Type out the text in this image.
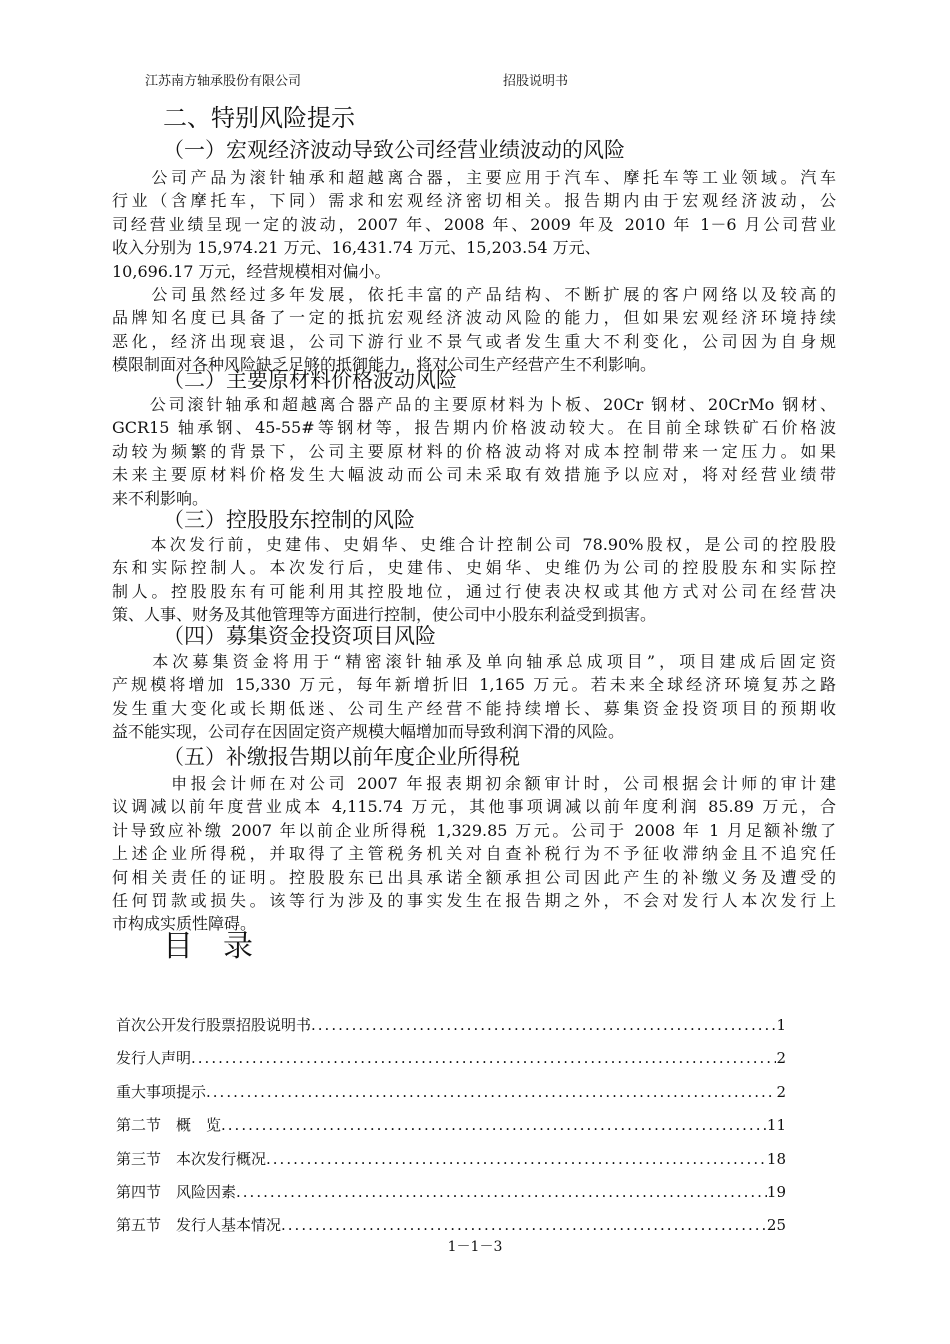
江苏南方轴承股份有限公司	招股说明书
二、特别风险提示
（一）宏观经济波动导致公司经营业绩波动的风险
　　公司产品为滚针轴承和超越离合器，主要应用于汽车、摩托车等工业领域。汽车
行业（含摩托车，下同）需求和宏观经济密切相关。报告期内由于宏观经济波动，公
司经营业绩呈现一定的波动，2007 年、2008 年、2009 年及 2010 年 1－6 月公司营业
收入分别为 15,974.21 万元、16,431.74 万元、15,203.54 万元、
10,696.17 万元，经营规模相对偏小。
　　公司虽然经过多年发展，依托丰富的产品结构、不断扩展的客户网络以及较高的
品牌知名度已具备了一定的抵抗宏观经济波动风险的能力，但如果宏观经济环境持续
恶化，经济出现衰退，公司下游行业不景气或者发生重大不利变化，公司因为自身规
模限制面对各种风险缺乏足够的抵御能力，将对公司生产经营产生不利影响。
（二）主要原材料价格波动风险
　　公司滚针轴承和超越离合器产品的主要原材料为卜板、20Cr 钢材、20CrMo 钢材、
GCR15 轴承钢、45-55#等钢材等，报告期内价格波动较大。在目前全球铁矿石价格波
动较为频繁的背景下，公司主要原材料的价格波动将对成本控制带来一定压力。如果
未来主要原材料价格发生大幅波动而公司未采取有效措施予以应对，将对经营业绩带
来不利影响。
（三）控股股东控制的风险
　　本次发行前，史建伟、史娟华、史维合计控制公司 78.90%股权，是公司的控股股
东和实际控制人。本次发行后，史建伟、史娟华、史维仍为公司的控股股东和实际控
制人。控股股东有可能利用其控股地位，通过行使表决权或其他方式对公司在经营决
策、人事、财务及其他管理等方面进行控制，使公司中小股东利益受到损害。
（四）募集资金投资项目风险
　　本次募集资金将用于“精密滚针轴承及单向轴承总成项目”，项目建成后固定资
产规模将增加 15,330 万元，每年新增折旧 1,165 万元。若未来全球经济环境复苏之路
发生重大变化或长期低迷、公司生产经营不能持续增长、募集资金投资项目的预期收
益不能实现，公司存在因固定资产规模大幅增加而导致利润下滑的风险。
（五）补缴报告期以前年度企业所得税
　　　申报会计师在对公司 2007 年报表期初余额审计时，公司根据会计师的审计建
议调减以前年度营业成本 4,115.74 万元，其他事项调减以前年度利润 85.89 万元，合
计导致应补缴 2007 年以前企业所得税 1,329.85 万元。公司于 2008 年 1 月足额补缴了
上述企业所得税，并取得了主管税务机关对自查补税行为不予征收滞纳金且不追究任
何相关责任的证明。控股股东已出具承诺全额承担公司因此产生的补缴义务及遭受的
任何罚款或损失。该等行为涉及的事实发生在报告期之外，不会对发行人本次发行上
市构成实质性障碍。
目　录
首次公开发行股票招股说明书 .....	1
发行人声明 .....	2
重大事项提示 .....	2
第二节　概　览 .....	11
第三节　本次发行概况 .....	18
第四节　风险因素 .....	19
第五节　发行人基本情况 .....	25
1－1－3
